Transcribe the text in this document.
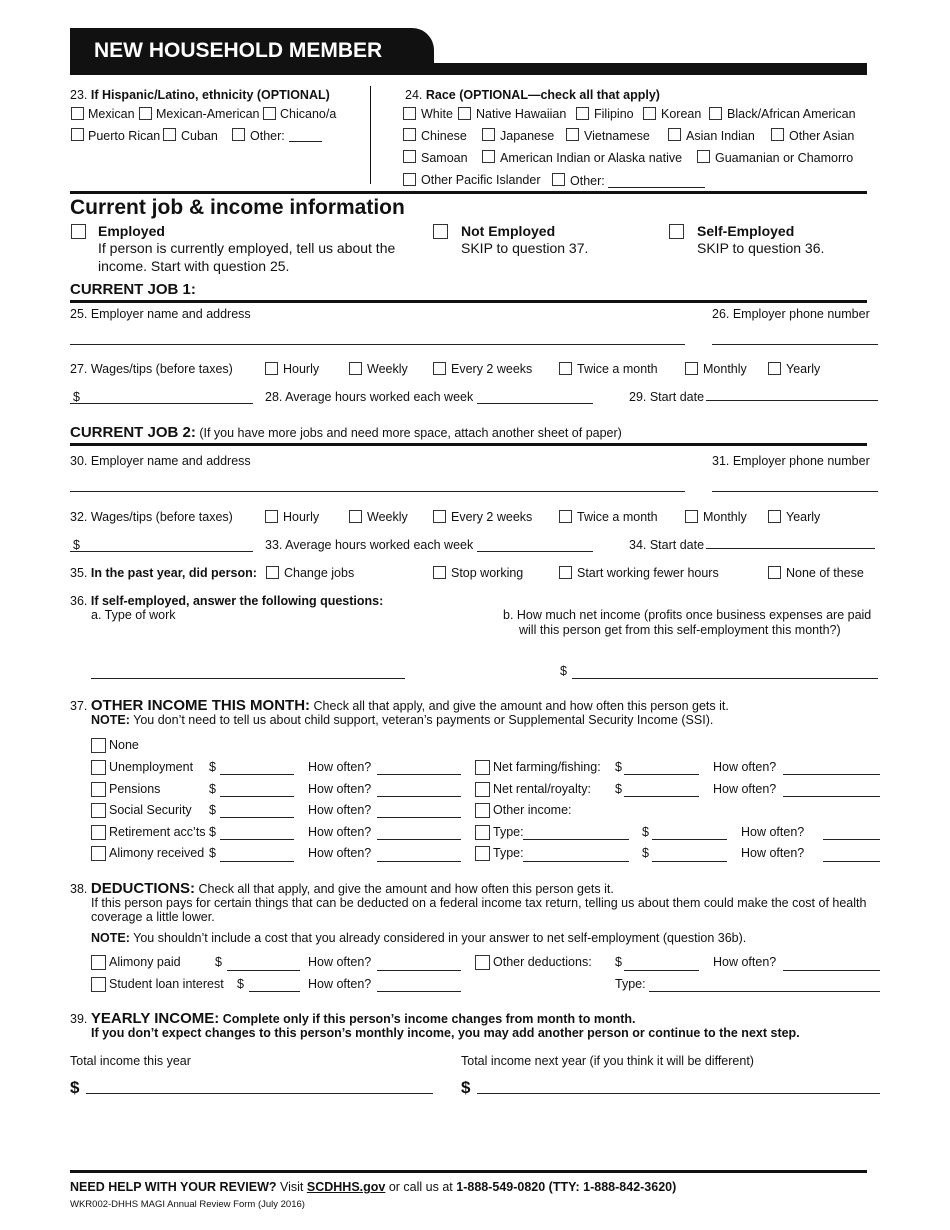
NEW HOUSEHOLD MEMBER
23. If Hispanic/Latino, ethnicity (OPTIONAL)
Mexican Mexican-American Chicano/a
Puerto Rican Cuban	Other:
24. Race (OPTIONAL—check all that apply)
White Native Hawaiian Filipino Korean Black/African American
Chinese	Japanese Vietnamese	Asian Indian	Other Asian
Samoan	American Indian or Alaska native	Guamanian or Chamorro
Other Pacific Islander Other:
Current job & income information
Employed
If person is currently employed, tell us about the
income. Start with question 25.
Not Employed
SKIP to question 37.
Self-Employed
SKIP to question 36.
CURRENT JOB 1:
25. Employer name and address	26. Employer phone number
27. Wages/tips (before taxes)	Hourly	Weekly	Every 2 weeks	Twice a month	Monthly	Yearly
$	28. Average hours worked each week	29. Start date
CURRENT JOB 2: (If you have more jobs and need more space, attach another sheet of paper)
30. Employer name and address	31. Employer phone number
32. Wages/tips (before taxes)	Hourly	Weekly	Every 2 weeks	Twice a month	Monthly	Yearly
$	33. Average hours worked each week	34. Start date
35. In the past year, did person: Change jobs	Stop working	Start working fewer hours	None of these
36. If self-employed, answer the following questions:
a. Type of work	b. How much net income (profits once business expenses are paid
will this person get from this self-employment this month?)
$
37. OTHER INCOME THIS MONTH: Check all that apply, and give the amount and how often this person gets it.
NOTE: You don’t need to tell us about child support, veteran’s payments or Supplemental Security Income (SSI).
None
Unemployment $	How often?
Pensions	$	How often?
Social Security $	How often?
Retirement acc’ts $	How often?
Alimony received $	How often?
Net farming/fishing: $	How often?
Net rental/royalty: $	How often?
Other income:
Type:	$	How often?
Type:	$	How often?
38. DEDUCTIONS: Check all that apply, and give the amount and how often this person gets it.
If this person pays for certain things that can be deducted on a federal income tax return, telling us about them could make the cost of health
coverage a little lower.
NOTE: You shouldn’t include a cost that you already considered in your answer to net self-employment (question 36b).
Alimony paid	$	How often?
Student loan interest $	How often?
Other deductions: $	How often?
Type:
39. YEARLY INCOME: Complete only if this person’s income changes from month to month.
If you don’t expect changes to this person’s monthly income, you may add another person or continue to the next step.
Total income this year
$
Total income next year (if you think it will be different)
$
NEED HELP WITH YOUR REVIEW? Visit SCDHHS.gov or call us at 1-888-549-0820 (TTY: 1-888-842-3620)
WKR002-DHHS MAGI Annual Review Form (July 2016)
